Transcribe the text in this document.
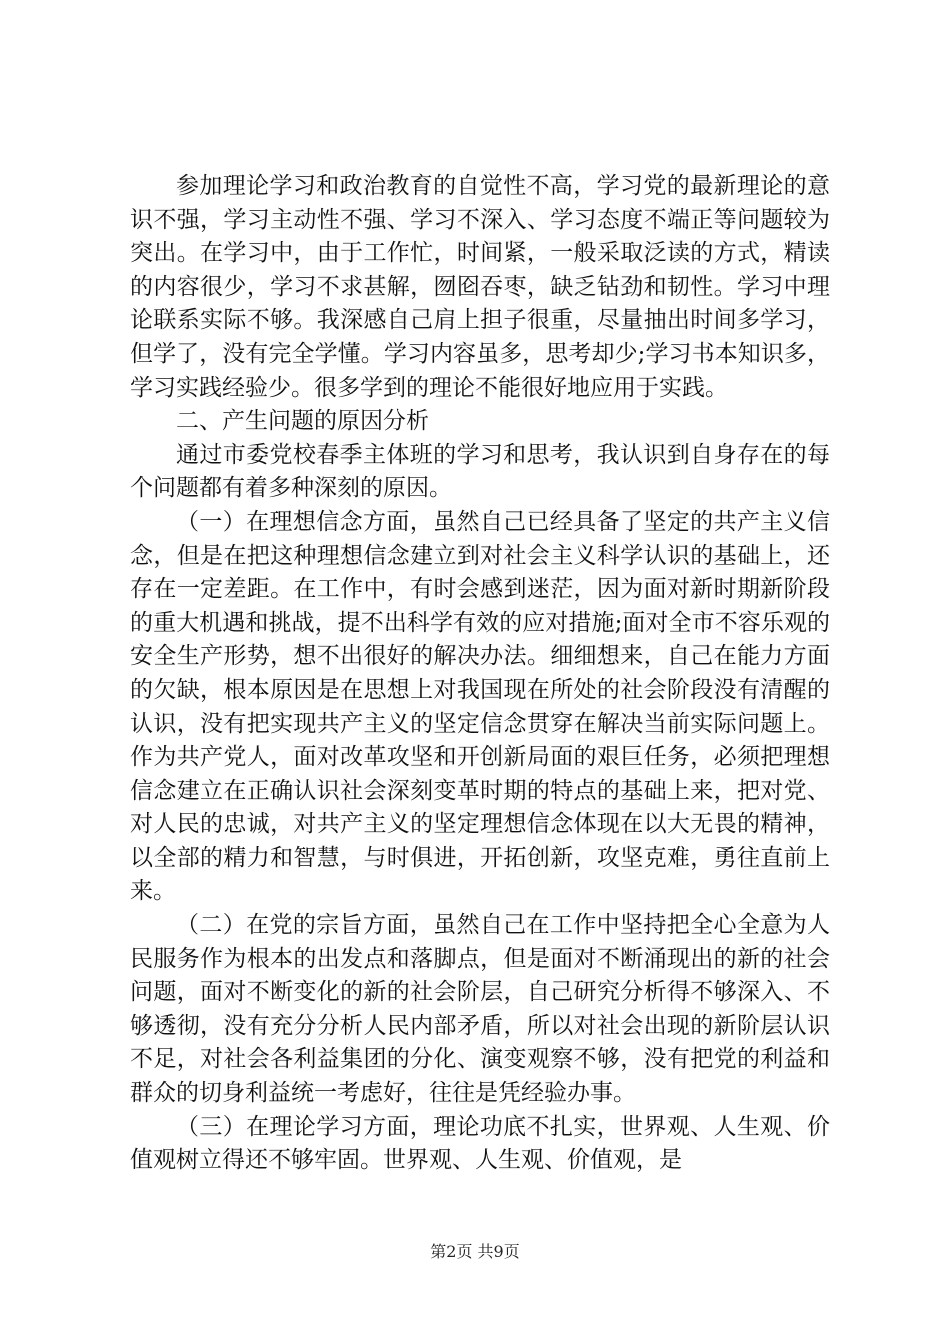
参加理论学习和政治教育的自觉性不高，学习党的最新理论的意识不强，学习主动性不强、学习不深入、学习态度不端正等问题较为突出。在学习中，由于工作忙，时间紧，一般采取泛读的方式，精读的内容很少，学习不求甚解，囫囵吞枣，缺乏钻劲和韧性。学习中理论联系实际不够。我深感自己肩上担子很重，尽量抽出时间多学习，但学了，没有完全学懂。学习内容虽多，思考却少;学习书本知识多，学习实践经验少。很多学到的理论不能很好地应用于实践。

二、产生问题的原因分析

通过市委党校春季主体班的学习和思考，我认识到自身存在的每个问题都有着多种深刻的原因。

（一）在理想信念方面，虽然自己已经具备了坚定的共产主义信念，但是在把这种理想信念建立到对社会主义科学认识的基础上，还存在一定差距。在工作中，有时会感到迷茫，因为面对新时期新阶段的重大机遇和挑战，提不出科学有效的应对措施;面对全市不容乐观的安全生产形势，想不出很好的解决办法。细细想来，自己在能力方面的欠缺，根本原因是在思想上对我国现在所处的社会阶段没有清醒的认识，没有把实现共产主义的坚定信念贯穿在解决当前实际问题上。作为共产党人，面对改革攻坚和开创新局面的艰巨任务，必须把理想信念建立在正确认识社会深刻变革时期的特点的基础上来，把对党、对人民的忠诚，对共产主义的坚定理想信念体现在以大无畏的精神，以全部的精力和智慧，与时俱进，开拓创新，攻坚克难，勇往直前上来。

（二）在党的宗旨方面，虽然自己在工作中坚持把全心全意为人民服务作为根本的出发点和落脚点，但是面对不断涌现出的新的社会问题，面对不断变化的新的社会阶层，自己研究分析得不够深入、不够透彻，没有充分分析人民内部矛盾，所以对社会出现的新阶层认识不足，对社会各利益集团的分化、演变观察不够，没有把党的利益和群众的切身利益统一考虑好，往往是凭经验办事。

（三）在理论学习方面，理论功底不扎实，世界观、人生观、价值观树立得还不够牢固。世界观、人生观、价值观，是

第2页 共9页
